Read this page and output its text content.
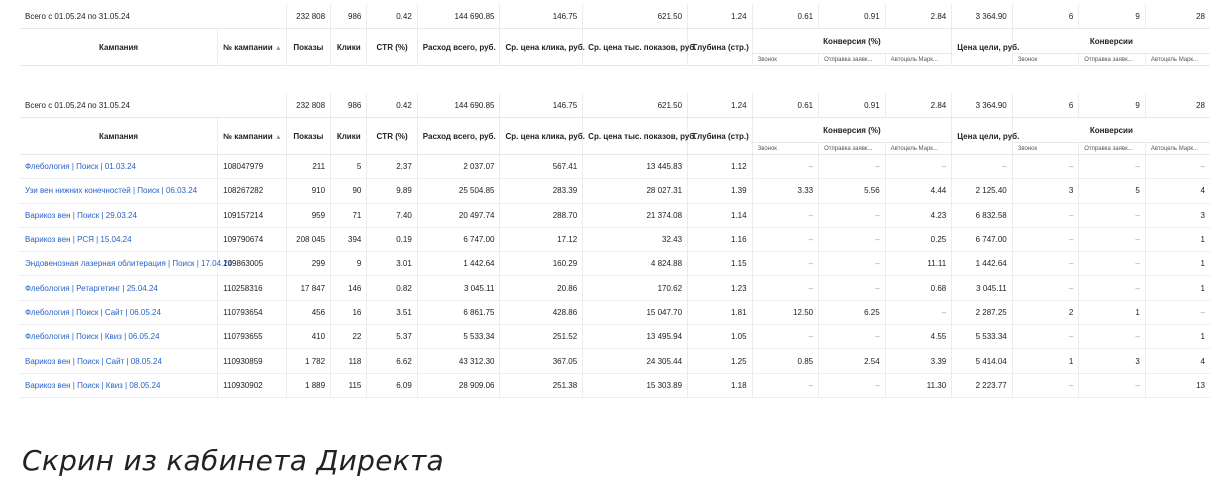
Всего с 01.05.24 по 31.05.24		232 808	986	0.42	144 690.85	146.75	621.50	1.24	0.61	0.91	2.84	3 364.90	6	9	28
Кампания	№ кампании ▲	Показы	Клики	CTR (%)	Расход всего, руб.	Ср. цена клика, руб.	Ср. цена тыс. показов, руб.	Глубина (стр.)	Конверсия (%)			Цена цели, руб.	Конверсии		
									Звонок	Отправка заявк...	Автоцель Марк...		Звонок	Отправка заявк...	Автоцель Марк...
Всего с 01.05.24 по 31.05.24		232 808	986	0.42	144 690.85	146.75	621.50	1.24	0.61	0.91	2.84	3 364.90	6	9	28
Кампания	№ кампании ▲	Показы	Клики	CTR (%)	Расход всего, руб.	Ср. цена клика, руб.	Ср. цена тыс. показов, руб.	Глубина (стр.)	Конверсия (%)			Цена цели, руб.	Конверсии		
									Звонок	Отправка заявк...	Автоцель Марк...		Звонок	Отправка заявк...	Автоцель Марк...
Флебология | Поиск | 01.03.24	108047979	211	5	2.37	2 037.07	567.41	13 445.83	1.12	–	–	–	–	–	–	–
Узи вен нижних конечностей | Поиск | 06.03.24	108267282	910	90	9.89	25 504.85	283.39	28 027.31	1.39	3.33	5.56	4.44	2 125.40	3	5	4
Варикоз вен | Поиск | 29.03.24	109157214	959	71	7.40	20 497.74	288.70	21 374.08	1.14	–	–	4.23	6 832.58	–	–	3
Варикоз вен | РСЯ | 15.04.24	109790674	208 045	394	0.19	6 747.00	17.12	32.43	1.16	–	–	0.25	6 747.00	–	–	1
Эндовенозная лазерная облитерация | Поиск | 17.04.24	109863005	299	9	3.01	1 442.64	160.29	4 824.88	1.15	–	–	11.11	1 442.64	–	–	1
Флебология | Ретаргетинг | 25.04.24	110258316	17 847	146	0.82	3 045.11	20.86	170.62	1.23	–	–	0.68	3 045.11	–	–	1
Флебология | Поиск | Сайт | 06.05.24	110793654	456	16	3.51	6 861.75	428.86	15 047.70	1.81	12.50	6.25	–	2 287.25	2	1	–
Флебология | Поиск | Квиз | 06.05.24	110793655	410	22	5.37	5 533.34	251.52	13 495.94	1.05	–	–	4.55	5 533.34	–	–	1
Варикоз вен | Поиск | Сайт | 08.05.24	110930859	1 782	118	6.62	43 312.30	367.05	24 305.44	1.25	0.85	2.54	3.39	5 414.04	1	3	4
Варикоз вен | Поиск | Квиз | 08.05.24	110930902	1 889	115	6.09	28 909.06	251.38	15 303.89	1.18	–	–	11.30	2 223.77	–	–	13
Скрин из кабинета Директа
